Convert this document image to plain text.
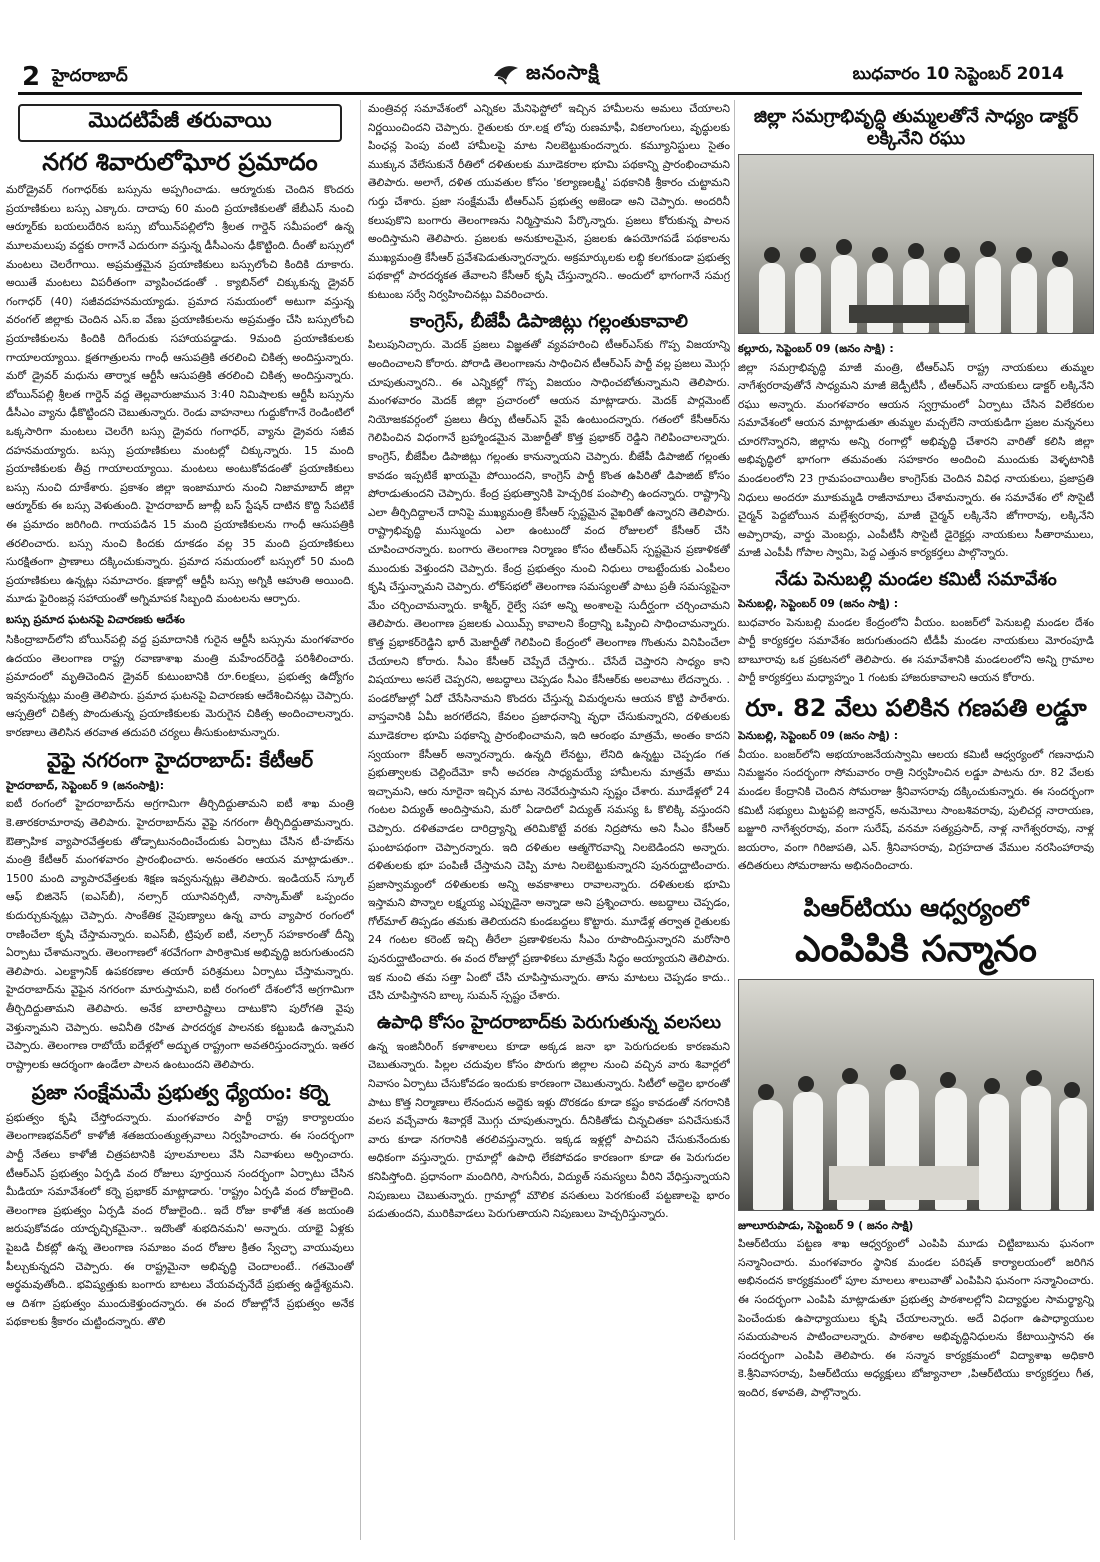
2 హైదరాబాద్	జనంసాక్షి	బుధవారం 10 సెప్టెంబర్ 2014
మొదటిపేజీ తరువాయి
నగర శివారులోఘోర ప్రమాదం

మరోడ్రైవర్ గంగాధర్‌కు బస్సును అప్పగించాడు. ఆర్మూరుకు చెందిన కొందరు ప్రయాణికులు బస్సు ఎక్కారు. దాదాపు 60 మంది ప్రయాణికులతో జేబీఎస్ నుంచి ఆర్మూర్‌కు బయలుదేరిన బస్సు బోయిన్‌పల్లిలోని శ్రీలత గార్డెన్ సమీపంలో ఉన్న మూలమలుపు వద్దకు రాగానే ఎదురుగా వస్తున్న డీసీఎంను ఢీకొట్టింది. దీంతో బస్సులో మంటలు చెలరేగాయి. అప్రమత్తమైన ప్రయాణికులు బస్సులోంచి కిందికి దూకారు. అయితే మంటలు విపరీతంగా వ్యాపించడంతో . క్యాబిన్‌లో చిక్కుకున్న డ్రైవర్ గంగాధర్ (40) సజీవదహనమయ్యాడు. ప్రమాద సమయంలో అటుగా వస్తున్న వరంగల్ జిల్లాకు చెందిన ఎస్.ఐ వేణు ప్రయాణికులను అప్రమత్తం చేసి బస్సులోంచి ప్రయాణికులను కిందికి దిగేందుకు సహాయపడ్డాడు. 9మంది ప్రయాణికులకు గాయాలయ్యాయి. క్షతగాత్రులను గాంధీ ఆసుపత్రికి తరలించి చికిత్స అందిస్తున్నారు. మరో డ్రైవర్ మధును తార్నాక ఆర్టీసీ ఆసుపత్రికి తరలించి చికిత్స అందిస్తున్నారు. బోయిన్‌పల్లి శ్రీలత గార్డెన్ వద్ద తెల్లవారుజామున 3:40 నిమిషాలకు ఆర్టీసీ బస్సును డీసీఎం వ్యాను ఢీకొట్టిందని చెబుతున్నారు. రెండు వాహనాలు గుద్దుకోగానే రెండింటిలో ఒక్కసారిగా మంటలు చెలరేగి బస్సు డ్రైవరు గంగాధర్, వ్యాను డ్రైవరు సజీవ దహనమయ్యారు. బస్సు ప్రయాణికులు మంటల్లో చిక్కున్నారు. 15 మంది ప్రయాణికులకు తీవ్ర గాయాలయ్యాయి. మంటలు అంటుకోవడంతో ప్రయాణికులు బస్సు నుంచి దూకేశారు. ప్రకాశం జిల్లా ఇంజామూరు నుంచి నిజామాబాద్ జిల్లా ఆర్మూర్‌కు ఈ బస్సు వెళుతుంది. హైదరాబాద్ జూబ్లీ బస్ స్టేషన్ దాటిన కొద్ది సేపటికే ఈ ప్రమాదం జరిగింది. గాయపడిన 15 మంది ప్రయాణికులను గాంధీ ఆసుపత్రికి తరలించారు. బస్సు నుంచి కిందకు దూకడం వల్ల 35 మంది ప్రయాణికులు సురక్షితంగా ప్రాణాలు దక్కించుకున్నారు. ప్రమాద సమయంలో బస్సులో 50 మంది ప్రయాణికులు ఉన్నట్లు సమాచారం. క్షణాల్లో ఆర్టీసీ బస్సు అగ్నికి ఆహుతి అయింది. మూడు ఫైరింజన్ల సహాయంతో అగ్నిమాపక సిబ్బంది మంటలను ఆర్పారు.

బస్సు ప్రమాద ఘటనపై విచారణకు ఆదేశం

సికింద్రాబాద్‌లోని బోయిన్‌పల్లి వద్ద ప్రమాదానికి గురైన ఆర్టీసీ బస్సును మంగళవారం ఉదయం తెలంగాణ రాష్ట్ర రవాణాశాఖ మంత్రి మహేందర్‌రెడ్డి పరిశీలించారు. ప్రమాదంలో మృతిచెందిన డ్రైవర్ కుటుంబానికి రూ.6లక్షలు, ప్రభుత్వ ఉద్యోగం ఇవ్వనున్నట్లు మంత్రి తెలిపారు. ప్రమాద ఘటనపై విచారణకు ఆదేశించినట్లు చెప్పారు. ఆస్పత్రిలో చికిత్స పొందుతున్న ప్రయాణికులకు మెరుగైన చికిత్స అందించాలన్నారు. కారణాలు తెలిసిన తరవాత తదుపరి చర్యలు తీసుకుంటామన్నారు.

వైఫై నగరంగా హైదరాబాద్: కేటీఆర్

హైదరాబాద్, సెప్టెంబర్ 9 (జనంసాక్షి):

ఐటీ రంగంలో హైదరాబాద్‌ను అగ్రగామిగా తీర్చిదిద్దుతామని ఐటీ శాఖ మంత్రి కె.తారకరామారావు తెలిపారు. హైదరాబాద్‌ను వైఫై నగరంగా తీర్చిదిద్దుతామన్నారు. ఔత్సాహిక వ్యాపారవేత్తలకు తోడ్పాటునందించేందుకు ఏర్పాటు చేసిన టీ-హబ్‌ను మంత్రి కేటీఆర్ మంగళవారం ప్రారంభించారు. అనంతరం ఆయన మాట్లాడుతూ.. 1500 మంది వ్యాపారవేత్తలకు శిక్షణ ఇవ్వనున్నట్లు తెలిపారు. ఇండియన్ స్కూల్ ఆఫ్ బిజినెస్ (ఐఎస్‌బీ), నల్సార్ యూనివర్సిటీ, నాస్కామ్‌తో ఒప్పందం కుదుర్చుకున్నట్లు చెప్పారు. సాంకేతిక నైపుణ్యాలు ఉన్న వారు వ్యాపార రంగంలో రాణించేలా కృషి చేస్తామన్నారు. ఐఎస్‌బీ, ట్రిపుల్ ఐటీ, నల్సార్ సహకారంతో దీన్ని ఏర్పాటు చేశామన్నారు. తెలంగాణలో శరవేగంగా పారిశ్రామిక అభివృద్ధి జరుగుతుందని తెలిపారు. ఎలక్ట్రానిక్ ఉపకరణాల తయారీ పరిశ్రమలు ఏర్పాటు చేస్తామన్నారు. హైదరాబాద్‌ను వైఫైన నగరంగా మారుస్తామని, ఐటీ రంగంలో దేశంలోనే అగ్రగామిగా తీర్చిదిద్దుతామని తెలిపారు. అనేక బాలారిష్టాలు దాటుకొని పురోగతి వైపు వెళ్తున్నామని చెప్పారు. అవినీతి రహిత పారదర్శక పాలనకు కట్టుబడి ఉన్నామని చెప్పారు. తెలంగాణ రాబోయే ఐదేళ్లలో అద్భుత రాష్ట్రంగా అవతరిస్తుందన్నారు. ఇతర రాష్ట్రాలకు ఆదర్శంగా ఉండేలా పాలన ఉంటుందని తెలిపారు.

ప్రజా సంక్షేమమే ప్రభుత్వ ధ్యేయం: కర్నె

ప్రభుత్వం కృషి చేస్తోందన్నారు. మంగళవారం పార్టీ రాష్ట్ర కార్యాలయం తెలంగాణభవన్‌లో కాళోజీ శతజయంత్యుత్సవాలు నిర్వహించారు. ఈ సందర్భంగా పార్టీ నేతలు కాళోజీ చిత్రపటానికి పూలమాలలు వేసి నివాళులు అర్పించారు. టీఆర్ఎస్ ప్రభుత్వం ఏర్పడి వంద రోజులు పూర్తయిన సందర్భంగా ఏర్పాటు చేసిన మీడియా సమావేశంలో కర్నె ప్రభాకర్ మాట్లాడారు. 'రాష్ట్రం ఏర్పడి వంద రోజులైంది. తెలంగాణ ప్రభుత్వం ఏర్పడి వంద రోజులైంది.. ఇదే రోజు కాళోజీ శత జయంతి జరుపుకోవడం యాదృచ్ఛికమైనా.. ఇదొంతో శుభదినమని' అన్నారు. యాభై ఏళ్లకు పైబడి చీకట్లో ఉన్న తెలంగాణ సమాజం వంద రోజుల క్రితం స్వేచ్ఛా వాయువులు పీల్చుకున్నదని చెప్పారు. ఈ రాష్ట్రమైనా అభివృద్ధి చెందాలంటే.. గతమెంతో అర్థమవుతోంది.. భవిష్యత్తుకు బంగారు బాటలు వేయవచ్చనేదే ప్రభుత్వ ఉద్దేశ్యమని. ఆ దిశగా ప్రభుత్వం ముందుకెళ్తుందన్నారు. ఈ వంద రోజుల్లోనే ప్రభుత్వం అనేక పథకాలకు శ్రీకారం చుట్టిందన్నారు. తొలి

మంత్రివర్గ సమావేశంలో ఎన్నికల మేనిఫెస్టోలో ఇచ్చిన హామీలను అమలు చేయాలని నిర్ణయించిందని చెప్పారు. రైతులకు రూ.లక్ష లోపు రుణమాఫీ, వికలాంగులు, వృద్ధులకు పింఛన్ల పెంపు వంటి హామీలపై మాట నిలబెట్టుకుందన్నారు. కమ్యూనిస్టులు సైతం ముక్కున వేలేసుకునే రీతిలో దళితులకు మూడెకరాల భూమి పథకాన్ని ప్రారంభించామని తెలిపారు. అలాగే, దళిత యువతుల కోసం 'కల్యాణలక్ష్మి' పథకానికి శ్రీకారం చుట్టామని గుర్తు చేశారు. ప్రజా సంక్షేమమే టీఆర్ఎస్ ప్రభుత్వ అజెండా అని చెప్పారు. అందరినీ కలుపుకొని బంగారు తెలంగాణను నిర్మిస్తామని పేర్కొన్నారు. ప్రజలు కోరుకున్న పాలన అందిస్తామని తెలిపారు. ప్రజలకు అనుకూలమైన, ప్రజలకు ఉపయోగపడే పథకాలను ముఖ్యమంత్రి కేసీఆర్ ప్రవేశపెడుతున్నారన్నారు. అక్రమార్కులకు లబ్ధి కలగకుండా ప్రభుత్వ పథకాల్లో పారదర్శకత తేవాలని కేసీఆర్ కృషి చేస్తున్నారని.. అందులో భాగంగానే సమగ్ర కుటుంబ సర్వే నిర్వహించినట్లు వివరించారు.

కాంగ్రెస్, బీజేపీ డిపాజిట్లు గల్లంతుకావాలి

పిలుపునిచ్చారు. మెదక్ ప్రజలు విజ్ఞతతో వ్యవహరించి టీఆర్ఎస్‌కు గొప్ప విజయాన్ని అందించాలని కోరారు. పోరాడి తెలంగాణను సాధించిన టీఆర్ఎస్ పార్టీ వల్ల ప్రజలు మొగ్గు చూపుతున్నారని.. ఈ ఎన్నికల్లో గొప్ప విజయం సాధించబోతున్నామని తెలిపారు. మంగళవారం మెదక్ జిల్లా ప్రచారంలో ఆయన మాట్లాడారు. మెదక్ పార్లమెంట్ నియోజకవర్గంలో ప్రజలు తీర్పు టీఆర్ఎస్ వైపే ఉంటుందన్నారు. గతంలో కేసీఆర్‌ను గెలిపించిన విధంగానే బ్రహ్మాండమైన మెజార్టీతో కొత్త ప్రభాకర్ రెడ్డిని గెలిపించాలన్నారు. కాంగ్రెస్, బీజేపీల డిపాజిట్లు గల్లంతు కానున్నాయని చెప్పారు. బీజేపీ డిపాజిట్ గల్లంతు కావడం ఇప్పటికే ఖాయమై పోయిందని, కాంగ్రెస్ పార్టీ కొంత ఉపిరితో డిపాజిట్ కోసం పోరాడుతుందని చెప్పారు. కేంద్ర ప్రభుత్వానికి హెచ్చరిక పంపాల్సి ఉందన్నారు. రాష్ట్రాన్ని ఎలా తీర్చిదిద్దాలనే దానిపై ముఖ్యమంత్రి కేసీఆర్ స్పష్టమైన వైఖరితో ఉన్నారని తెలిపారు. రాష్ట్రాభివృద్ధి ముస్ముందు ఎలా ఉంటుందో వంద రోజులలో కేసీఆర్ చేసి చూపించారన్నారు. బంగారు తెలంగాణ నిర్మాణం కోసం టీఆర్ఎస్ స్పష్టమైన ప్రణాళికతో ముందుకు వెళ్తుందని చెప్పారు. కేంద్ర ప్రభుత్వం నుంచి నిధులు రాబట్టేందుకు ఎంపీలం కృషి చేస్తున్నామని చెప్పారు. లోక్‌సభలో తెలంగాణ సమస్యలతో పాటు ప్రతీ సమస్యపైనా మేం చర్చించామన్నారు. కాశ్మీర్, రైల్వే సహా అన్ని అంశాలపై సుదీర్ఘంగా చర్చించామని తెలిపారు. తెలంగాణ ప్రజలకు ఎయిమ్స్ కావాలని కేంద్రాన్ని ఒప్పించి సాధించామన్నారు. కొత్త ప్రభాకర్‌రెడ్డిని భారీ మెజార్టీతో గెలిపించి కేంద్రంలో తెలంగాణ గొంతును వినిపించేలా చేయాలని కోరారు. సీఎం కేసీఆర్ చెప్పేదే చేస్తారు.. చేసేదే చెప్తారని సాధ్యం కాని విషయాలు అసలే చెప్పరని, అబద్ధాలు చెప్పడం సీఎం కేసీఆర్‌కు అలవాటు లేదన్నారు. . పండరోజుల్లో ఏదో చేసేసినామని కొందరు చేస్తున్న విమర్శలను ఆయన కొట్టి పారేశారు. వాస్తవానికి ఏమీ జరగలేదని, కేవలం ప్రజాధనాన్ని వృధా చేసుకున్నారని, దళితులకు మూడెకరాల భూమి పథకాన్ని ప్రారంభించామని, ఇది ఆరంభం మాత్రమే, అంతం కాదని స్వయంగా కేసీఆర్ అన్నారన్నారు. ఉన్నది లేనట్టు, లేనిది ఉన్నట్టు చెప్పడం గత ప్రభుత్వాలకు చెల్లిందేమో కానీ అచరణ సాధ్యమయ్యే హామీలను మాత్రమే తాము ఇచ్చామని, ఆరు నూరైనా ఇచ్చిన మాట నెరవేరుస్తామని స్పష్టం చేశారు. మూడేళ్లలో 24 గంటల విద్యుత్ అందిస్తామని, మరో ఏడాదిలో విద్యుత్ సమస్య ఓ కొలిక్కి వస్తుందని చెప్పారు. దళితవాడల దారిద్ర్యాన్ని తరిమికొట్టే వరకు నిద్రపోను అని సీఎం కేసీఆర్ ఘంటాపథంగా చెప్పారన్నారు. ఇది దళితుల ఆత్మగౌరవాన్ని నిలబెడిందని అన్నారు. దళితులకు భూ పంపిణీ చేస్తామని చెప్పి మాట నిలబెట్టుకున్నారని పునరుద్ఘాటించారు. ప్రజాస్వామ్యంలో దళితులకు అన్ని అవకాశాలు రావాలన్నారు. దళితులకు భూమి ఇస్తామని పొన్నాల లక్ష్మయ్య ఎప్పుడైనా అన్నాడా అని ప్రశ్నించారు. అబద్ధాలు చెప్పడం, గోల్‌మాల్ తిప్పడం తమకు తెలియదని కుండబద్దలు కొట్టారు. మూడేళ్ల తర్వాత రైతులకు 24 గంటల కరెంట్ ఇచ్చి తీరేలా ప్రణాళికలను సీఎం రూపొందిస్తున్నారని మరోసారి పునరుద్ఘాటించారు. ఈ వంద రోజుల్లో ప్రణాళికలు మాత్రమే సిద్ధం అయ్యాయని తెలిపారు. ఇక నుంచి తమ సత్తా ఏంటో చేసి చూపిస్తామన్నారు. తాను మాటలు చెప్పడం కాదు.. చేసి చూపిస్తానని బాల్క సుమన్ స్పష్టం చేశారు.

ఉపాధి కోసం హైదరాబాద్‌కు పెరుగుతున్న వలసలు

ఉన్న ఇంజినీరింగ్ కళాశాలలు కూడా అక్కడ జనా భా పెరుగుదలకు కారణమని చెబుతున్నారు. పిల్లల చదువుల కోసం పొరుగు జిల్లాల నుంచి వచ్చిన వారు శివార్లలో నివాసం ఏర్పాటు చేసుకోవడం ఇందుకు కారణంగా చెబుతున్నారు. సిటీలో అద్దెల భారంతో పాటు కొత్త నిర్మాణాలు లేనందున అద్దెకు ఇళ్లు దొరకడం కూడా కష్టం కావడంతో నగరానికి వలస వచ్చేవారు శివార్లకే మొగ్గు చూపుతున్నారు. దీనికితోడు చిన్నచితకా పనిచేసుకునే వారు కూడా నగరానికి తరలివస్తున్నారు. ఇక్కడ ఇళ్లల్లో పాచిపని చేసుకునేందుకు అధికంగా వస్తున్నారు. గ్రామాల్లో ఉపాధి లేకపోవడం కారణంగా కూడా ఈ పెరుగుదల కనిపిస్తోంది. ప్రధానంగా మందిగిరి, సాగునీరు, విద్యుత్ సమస్యలు వీరిని వేధిస్తున్నాయని నిపుణులు చెబుతున్నారు. గ్రామాల్లో మౌలిక వసతులు పెరగకుంటే పట్టణాలపై భారం పడుతుందని, మురికివాడలు పెరుగుతాయని నిపుణులు హెచ్చరిస్తున్నారు.

జిల్లా సమగ్రాభివృద్ధి తుమ్మలతోనే సాధ్యం డాక్టర్ లక్కినేని రఘు

కల్లూరు, సెప్టెంబర్ 09 (జనం సాక్షి) :

జిల్లా సమగ్రాభివృద్ధి మాజీ మంత్రి, టీఆర్ఎస్ రాష్ట్ర నాయకులు తుమ్మల నాగేశ్వరరావుతోనే సాధ్యమని మాజీ జెడ్పీటీసీ , టీఆర్ఎస్ నాయకులు డాక్టర్ లక్కినేని రఘు అన్నారు. మంగళవారం ఆయన స్వగ్రామంలో ఏర్పాటు చేసిన విలేకరుల సమావేశంలో ఆయన మాట్లాడుతూ తుమ్మల మచ్చలేని నాయకుడిగా ప్రజల మన్ననలు చూరగొన్నారని, జిల్లాను అన్ని రంగాల్లో అభివృద్ధి చేశారని వారితో కలిసి జిల్లా అభివృద్ధిలో భాగంగా తమవంతు సహకారం అందించి ముందుకు వెళ్ళటానికి మండలంలోని 23 గ్రామపంచాయితీల కాంగ్రెస్‌కు చెందిన వివిధ నాయకులు, ప్రజాప్రతి నిధులు అందరూ మూకుమ్మడి రాజీనామాలు చేశామన్నారు. ఈ సమావేశం లో సొసైటీ చైర్మన్ పెద్దబోయిన మల్లేశ్వరరావు, మాజీ చైర్మన్ లక్కినేని జోగారావు, లక్కినేని అప్పారావు, వార్డు మెంబర్లు, ఎంపీటీసీ సొసైటీ డైరెక్టర్లు నాయకులు సీతారాములు, మాజీ ఎంపీపీ గోపాల స్వామి, పెద్ద ఎత్తున కార్యకర్తలు పాల్గొన్నారు.

నేడు పెనుబల్లి మండల కమిటీ సమావేశం

పెనుబల్లి, సెప్టెంబర్ 09 (జనం సాక్షి) :

బుధవారం పెనుబల్లి మండల కేంద్రంలోని వీయం. బంజర్‌లో పెనుబల్లి మండల దేశం పార్టీ కార్యకర్తల సమావేశం జరుగుతుందని టీడీపీ మండల నాయకులు మోరంపూడి బాబూరావు ఒక ప్రకటనలో తెలిపారు. ఈ సమావేశానికి మండలంలోని అన్ని గ్రామాల పార్టీ కార్యకర్తలు మధ్యాహ్నం 1 గంటకు హాజరుకావాలని ఆయన కోరారు.

రూ. 82 వేలు పలికిన గణపతి లడ్డూ

పెనుబల్లి, సెప్టెంబర్ 09 (జనం సాక్షి) :

వీయం. బంజర్‌లోని అభయాంజనేయస్వామి ఆలయ కమిటీ ఆధ్వర్యంలో గణనాధుని నిమజ్జనం సందర్భంగా సోమవారం రాత్రి నిర్వహించిన లడ్డూ పాటను రూ. 82 వేలకు మండల కేంద్రానికి చెందిన సోమరాజు శ్రీనివాసరావు దక్కించుకున్నారు. ఈ సందర్భంగా కమిటీ సభ్యులు మిట్టపల్లి జనార్దన్, అనుమోలు సాంబశివరావు, పులిచర్ల నారాయణ, బజ్జూరి నాగేశ్వరరావు, వంగా సురేష్, వనమా సత్యప్రసాద్, నాళ్ల నాగేశ్వరరావు, నాళ్ల జయరాం, వంగా గిరిజాపతి, ఎన్. శ్రీనివాసరావు, విగ్రహదాత వేముల నరసింహారావు తదితరులు సోమరాజును అభినందించారు.

పిఆర్‌టియు ఆధ్వర్యంలో
ఎంపిపికి సన్మానం

జూలూరుపాడు, సెప్టెంబర్ 9 ( జనం సాక్షి)

పిఆర్‌టియు పట్టణ శాఖ ఆధ్వర్యంలో ఎంపిపి మూడు చిట్టిబాబును ఘనంగా సన్మానించారు. మంగళవారం స్థానిక మండల పరిషత్ కార్యాలయంలో జరిగిన అభినందన కార్యక్రమంలో పూల మాలలు శాలువాతో ఎంపిపిని ఘనంగా సన్మానించారు. ఈ సందర్భంగా ఎంపిపి మాట్లాడుతూ ప్రభుత్వ పాఠశాలల్లోని విద్యార్థుల సామర్థ్యాన్ని పెంచేందుకు ఉపాధ్యాయులు కృషి చేయాలన్నారు. అదే విధంగా ఉపాధ్యాయుల సమయపాలన పాటించాలన్నారు. పాఠశాల అభివృద్ధినిధులను కేటాయిస్తానని ఈ సందర్భంగా ఎంపిపి తెలిపారు. ఈ సన్మాన కార్యక్రమంలో విద్యాశాఖ అధికారి కె.శ్రీనివాసరావు, పిఆర్‌టియు అధ్యక్షులు బోజ్యానాలా ,పిఆర్‌టియు కార్యకర్తలు గీత, ఇందిర, కళావతి, పాల్గొన్నారు.
